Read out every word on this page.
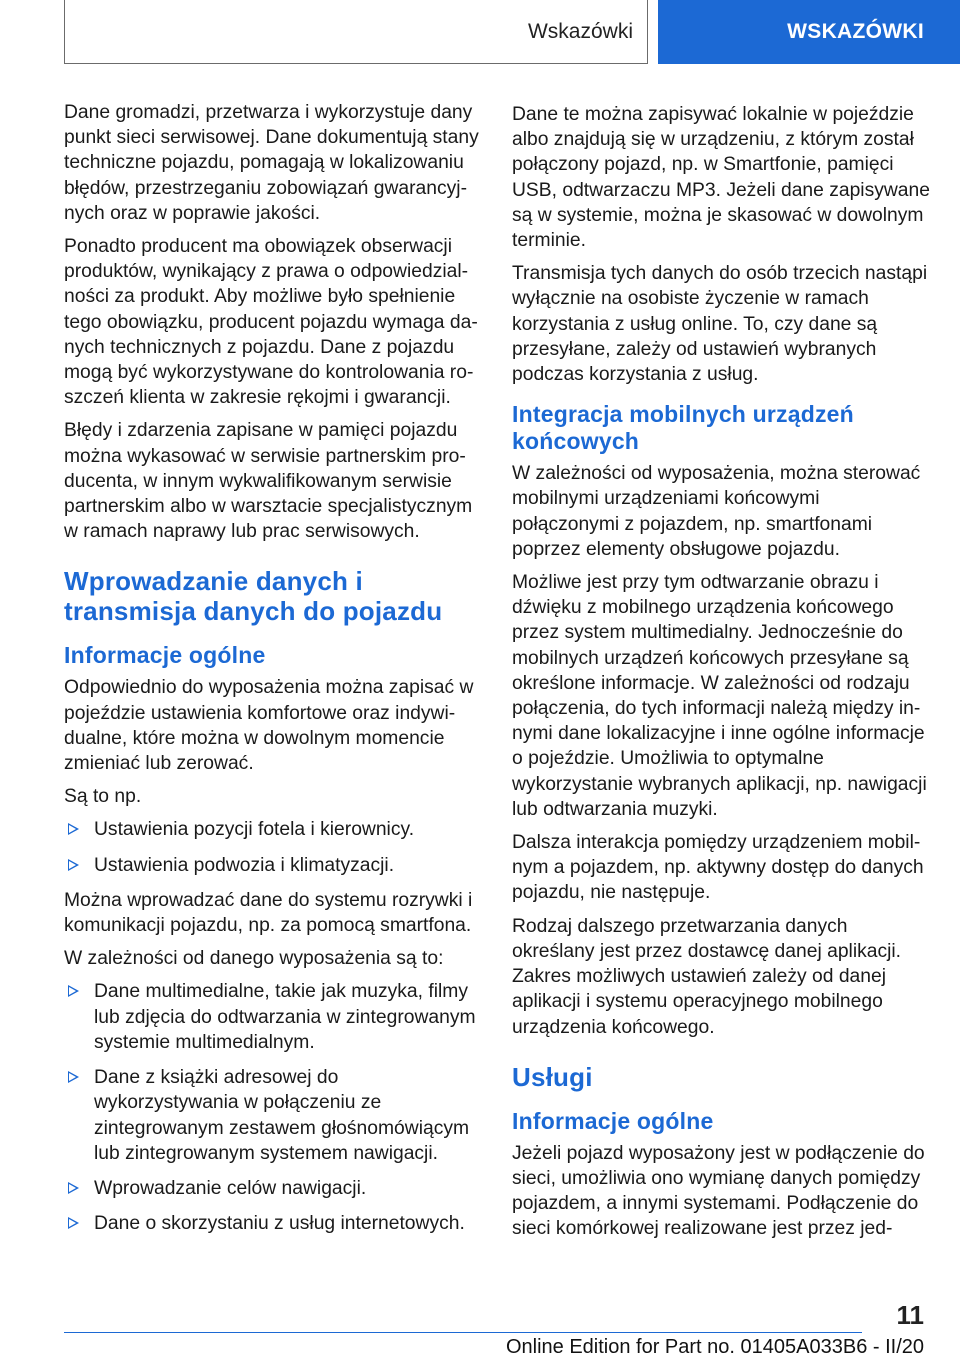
Wskazówki	WSKAZÓWKI

Dane gromadzi, przetwarza i wykorzystuje dany punkt sieci serwisowej. Dane dokumentują stany techniczne pojazdu, pomagają w lokalizowaniu błędów, przestrzeganiu zobowiązań gwarancyjnych oraz w poprawie jakości.

Ponadto producent ma obowiązek obserwacji produktów, wynikający z prawa o odpowiedzialności za produkt. Aby możliwe było spełnienie tego obowiązku, producent pojazdu wymaga danych technicznych z pojazdu. Dane z pojazdu mogą być wykorzystywane do kontrolowania roszczeń klienta w zakresie rękojmi i gwarancji.

Błędy i zdarzenia zapisane w pamięci pojazdu można wykasować w serwisie partnerskim producenta, w innym wykwalifikowanym serwisie partnerskim albo w warsztacie specjalistycznym w ramach naprawy lub prac serwisowych.

Wprowadzanie danych i transmisja danych do pojazdu
Informacje ogólne

Odpowiednio do wyposażenia można zapisać w pojeździe ustawienia komfortowe oraz indywidualne, które można w dowolnym momencie zmieniać lub zerować.

Są to np.

Ustawienia pozycji fotela i kierownicy.
Ustawienia podwozia i klimatyzacji.

Można wprowadzać dane do systemu rozrywki i komunikacji pojazdu, np. za pomocą smartfona.

W zależności od danego wyposażenia są to:

Dane multimedialne, takie jak muzyka, filmy lub zdjęcia do odtwarzania w zintegrowanym systemie multimedialnym.
Dane z książki adresowej do wykorzystywania w połączeniu ze zintegrowanym zestawem głośnomówiącym lub zintegrowanym systemem nawigacji.
Wprowadzanie celów nawigacji.
Dane o skorzystaniu z usług internetowych.

Dane te można zapisywać lokalnie w pojeździe albo znajdują się w urządzeniu, z którym został połączony pojazd, np. w Smartfonie, pamięci USB, odtwarzaczu MP3. Jeżeli dane zapisywane są w systemie, można je skasować w dowolnym terminie.

Transmisja tych danych do osób trzecich nastąpi wyłącznie na osobiste życzenie w ramach korzystania z usług online. To, czy dane są przesyłane, zależy od ustawień wybranych podczas korzystania z usług.

Integracja mobilnych urządzeń końcowych

W zależności od wyposażenia, można sterować mobilnymi urządzeniami końcowymi połączonymi z pojazdem, np. smartfonami poprzez elementy obsługowe pojazdu.

Możliwe jest przy tym odtwarzanie obrazu i dźwięku z mobilnego urządzenia końcowego przez system multimedialny. Jednocześnie do mobilnych urządzeń końcowych przesyłane są określone informacje. W zależności od rodzaju połączenia, do tych informacji należą między innymi dane lokalizacyjne i inne ogólne informacje o pojeździe. Umożliwia to optymalne wykorzystanie wybranych aplikacji, np. nawigacji lub odtwarzania muzyki.

Dalsza interakcja pomiędzy urządzeniem mobilnym a pojazdem, np. aktywny dostęp do danych pojazdu, nie następuje.

Rodzaj dalszego przetwarzania danych określany jest przez dostawcę danej aplikacji. Zakres możliwych ustawień zależy od danej aplikacji i systemu operacyjnego mobilnego urządzenia końcowego.

Usługi
Informacje ogólne

Jeżeli pojazd wyposażony jest w podłączenie do sieci, umożliwia ono wymianę danych pomiędzy pojazdem, a innymi systemami. Podłączenie do sieci komórkowej realizowane jest przez jed-

11
Online Edition for Part no. 01405A033B6 - II/20
